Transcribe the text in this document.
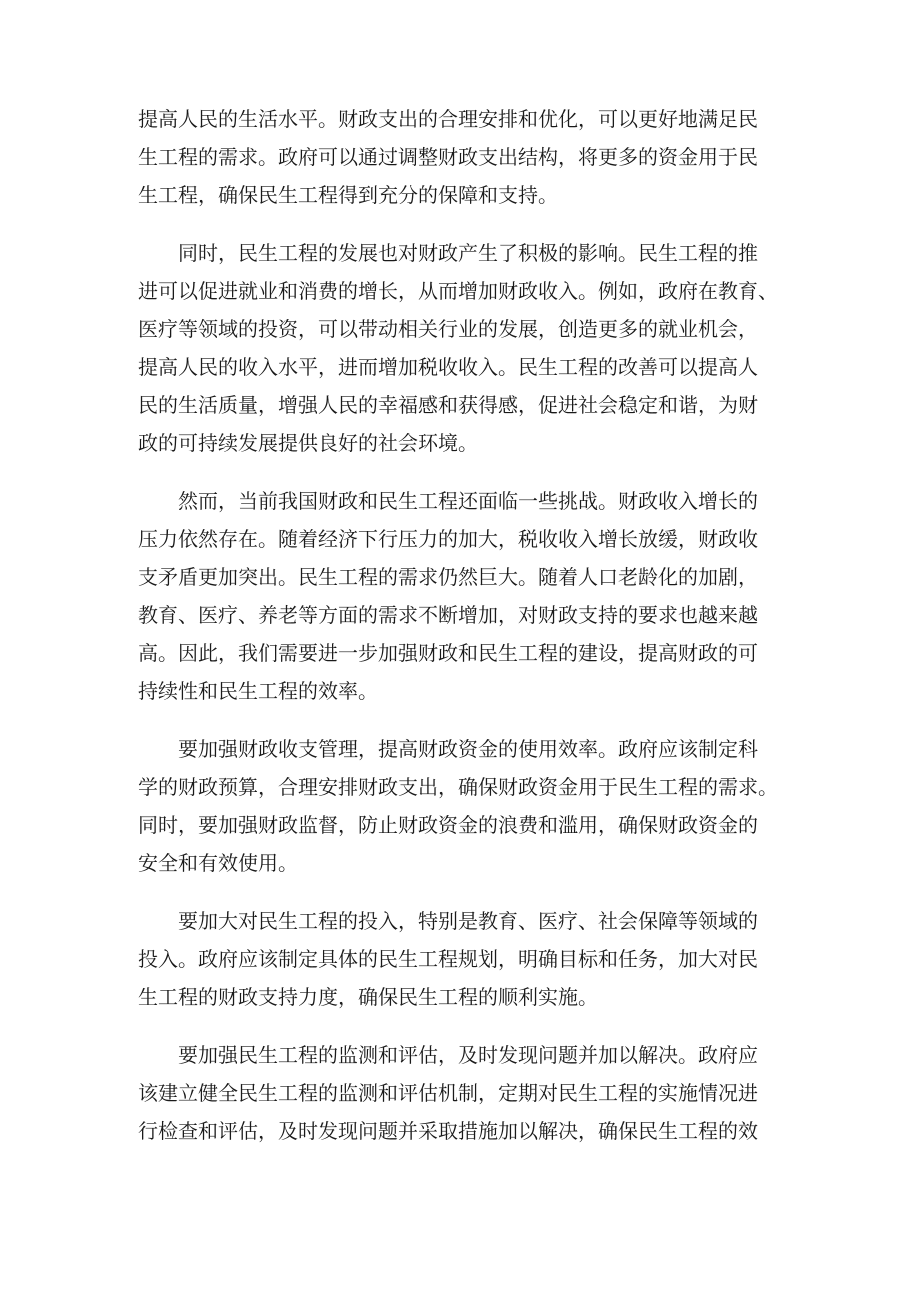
提高人民的生活水平。财政支出的合理安排和优化，可以更好地满足民
生工程的需求。政府可以通过调整财政支出结构，将更多的资金用于民
生工程，确保民生工程得到充分的保障和支持。

同时，民生工程的发展也对财政产生了积极的影响。民生工程的推
进可以促进就业和消费的增长，从而增加财政收入。例如，政府在教育、
医疗等领域的投资，可以带动相关行业的发展，创造更多的就业机会，
提高人民的收入水平，进而增加税收收入。民生工程的改善可以提高人
民的生活质量，增强人民的幸福感和获得感，促进社会稳定和谐，为财
政的可持续发展提供良好的社会环境。

然而，当前我国财政和民生工程还面临一些挑战。财政收入增长的
压力依然存在。随着经济下行压力的加大，税收收入增长放缓，财政收
支矛盾更加突出。民生工程的需求仍然巨大。随着人口老龄化的加剧，
教育、医疗、养老等方面的需求不断增加，对财政支持的要求也越来越
高。因此，我们需要进一步加强财政和民生工程的建设，提高财政的可
持续性和民生工程的效率。

要加强财政收支管理，提高财政资金的使用效率。政府应该制定科
学的财政预算，合理安排财政支出，确保财政资金用于民生工程的需求。
同时，要加强财政监督，防止财政资金的浪费和滥用，确保财政资金的
安全和有效使用。

要加大对民生工程的投入，特别是教育、医疗、社会保障等领域的
投入。政府应该制定具体的民生工程规划，明确目标和任务，加大对民
生工程的财政支持力度，确保民生工程的顺利实施。

要加强民生工程的监测和评估，及时发现问题并加以解决。政府应
该建立健全民生工程的监测和评估机制，定期对民生工程的实施情况进
行检查和评估，及时发现问题并采取措施加以解决，确保民生工程的效
